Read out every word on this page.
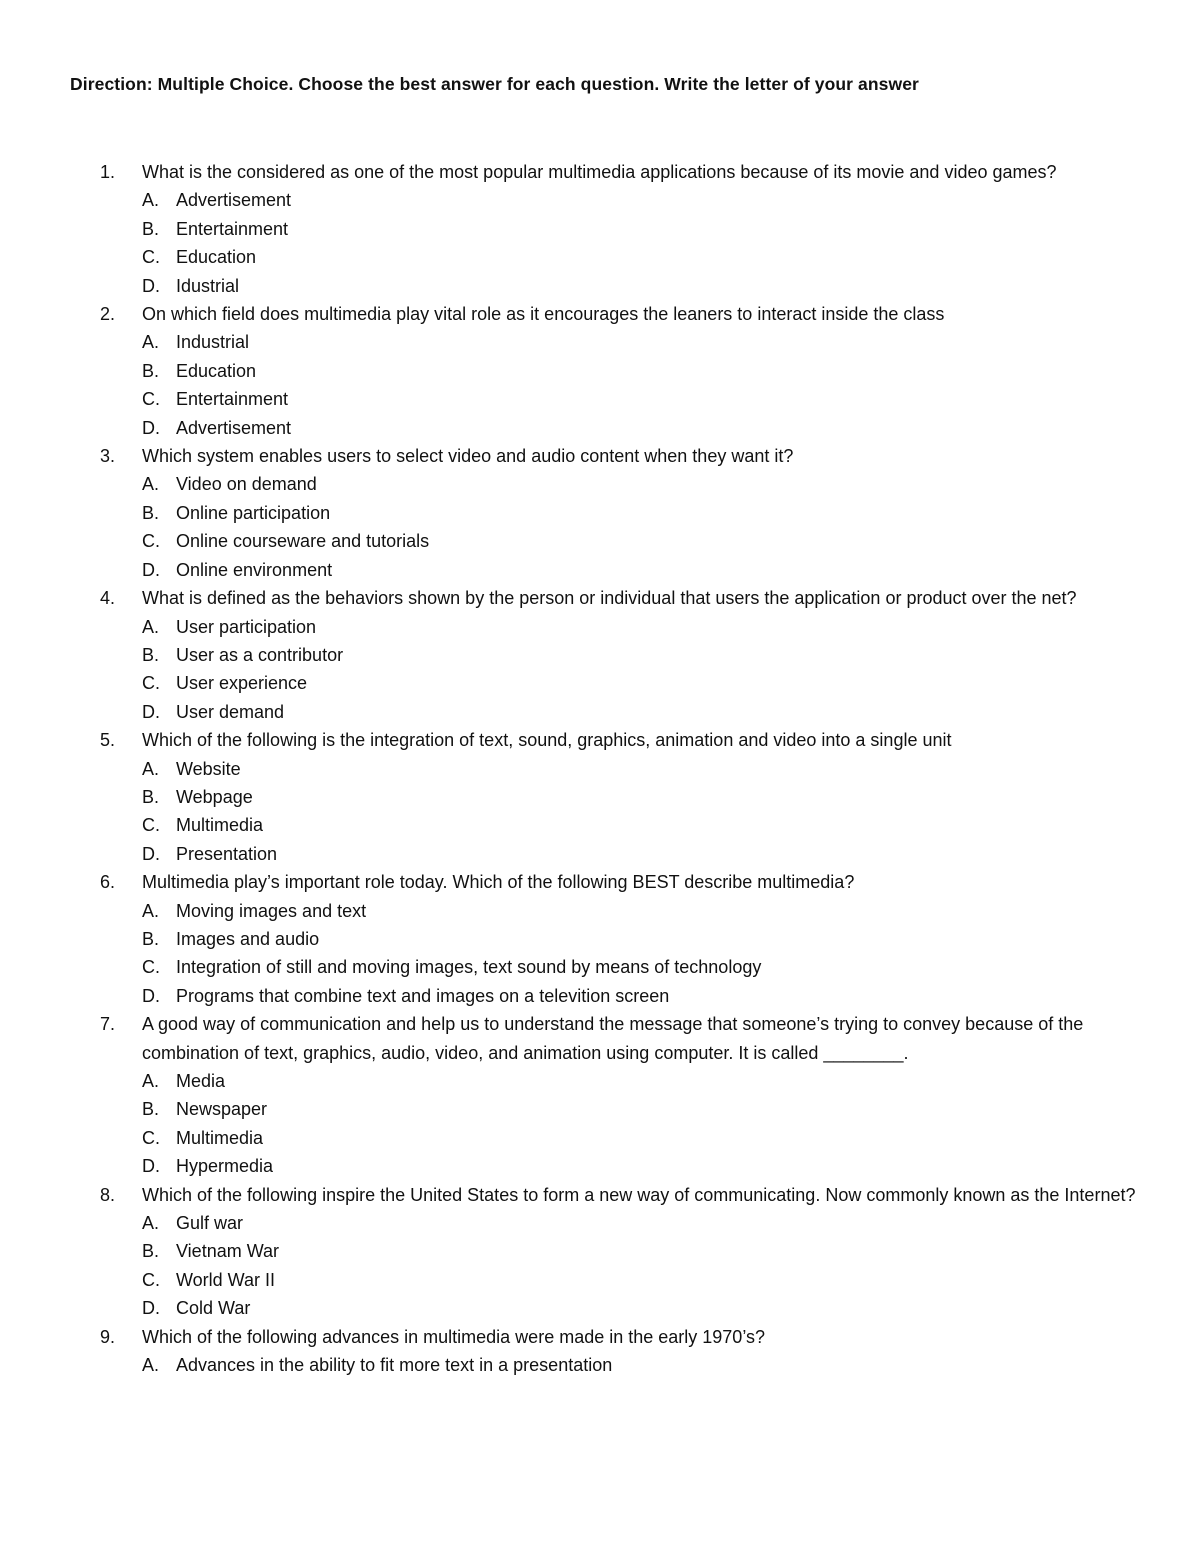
Direction: Multiple Choice. Choose the best answer for each question. Write the letter of your answer
1.	What is the considered as one of the most popular multimedia applications because of its movie and video games?
A. Advertisement
B. Entertainment
C. Education
D. Idustrial
2.	On which field does multimedia play vital role as it encourages the leaners to interact inside the class
A. Industrial
B. Education
C. Entertainment
D. Advertisement
3.	Which system enables users to select video and audio content when they want it?
A. Video on demand
B. Online participation
C. Online courseware and tutorials
D. Online environment
4.	What is defined as the behaviors shown by the person or individual that users the application or product over the net?
A. User participation
B. User as a contributor
C. User experience
D. User demand
5.	Which of the following is the integration of text, sound, graphics, animation and video into a single unit
A. Website
B. Webpage
C. Multimedia
D. Presentation
6.	Multimedia play’s important role today. Which of the following BEST describe multimedia?
A. Moving images and text
B. Images and audio
C. Integration of still and moving images, text sound by means of technology
D. Programs that combine text and images on a televition screen
7.	A good way of communication and help us to understand the message that someone’s trying to convey because of the combination of text, graphics, audio, video, and animation using computer. It is called ________.
A. Media
B. Newspaper
C. Multimedia
D. Hypermedia
8.	Which of the following inspire the United States to form a new way of communicating. Now commonly known as the Internet?
A. Gulf war
B. Vietnam War
C. World War II
D. Cold War
9.	Which of the following advances in multimedia were made in the early 1970’s?
A. Advances in the ability to fit more text in a presentation
